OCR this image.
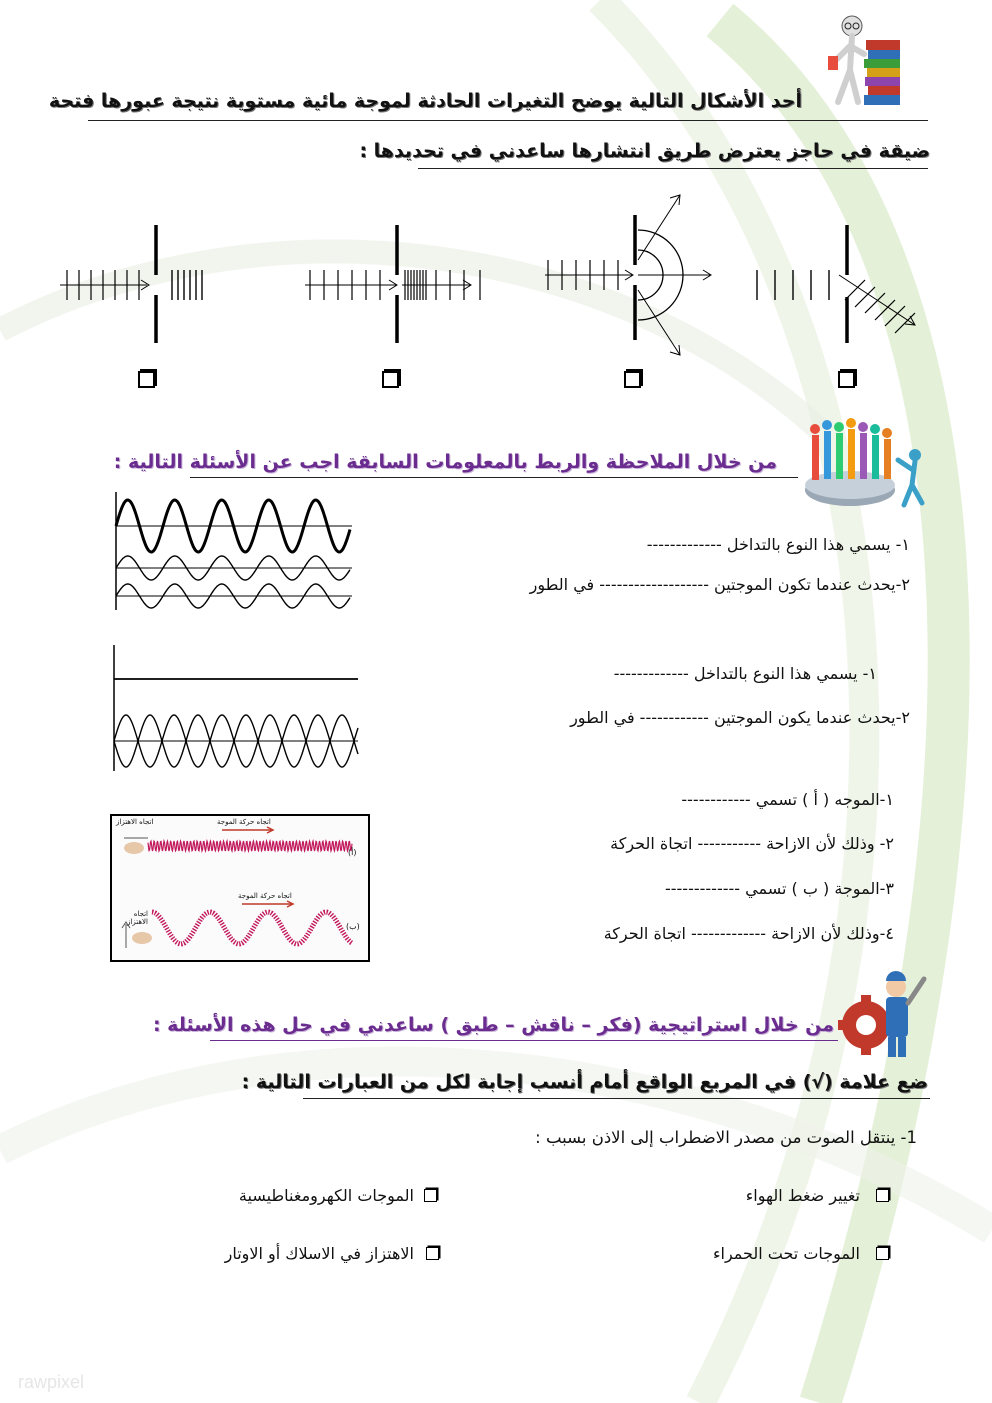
أحد الأشكال التالية يوضح التغيرات الحادثة لموجة مائية مستوية نتيجة عبورها فتحة
ضيقة في حاجز يعترض طريق انتشارها ساعدني في تحديدها :
من خلال الملاحظة والربط بالمعلومات السابقة اجب عن الأسئلة التالية :
١- يسمي هذا النوع بالتداخل -------------
٢-يحدث عندما تكون الموجتين ------------------- في الطور
١- يسمي هذا النوع بالتداخل -------------
٢-يحدث عندما يكون الموجتين ------------ في الطور
اتجاه الاهتزاز	اتجاه حركة الموجة
(أ)
اتجاه الاهتزاز
اتجاه حركة الموجة
(ب)
١-الموجه ( أ ) تسمي ------------
٢- وذلك لأن الازاحة ----------- اتجاة الحركة
٣-الموجة ( ب ) تسمي -------------
٤-وذلك لأن الازاحة ------------- اتجاة الحركة
من خلال استراتيجية (فكر – ناقش – طبق ) ساعدني في حل هذه الأسئلة :
ضع علامة (√) في المربع الواقع أمام أنسب إجابة لكل من العبارات التالية :
1- ينتقل الصوت من مصدر الاضطراب إلى الاذن بسبب :
تغيير ضغط الهواء
الموجات الكهرومغناطيسية
الموجات تحت الحمراء
الاهتزاز في الاسلاك أو الاوتار
rawpixel
